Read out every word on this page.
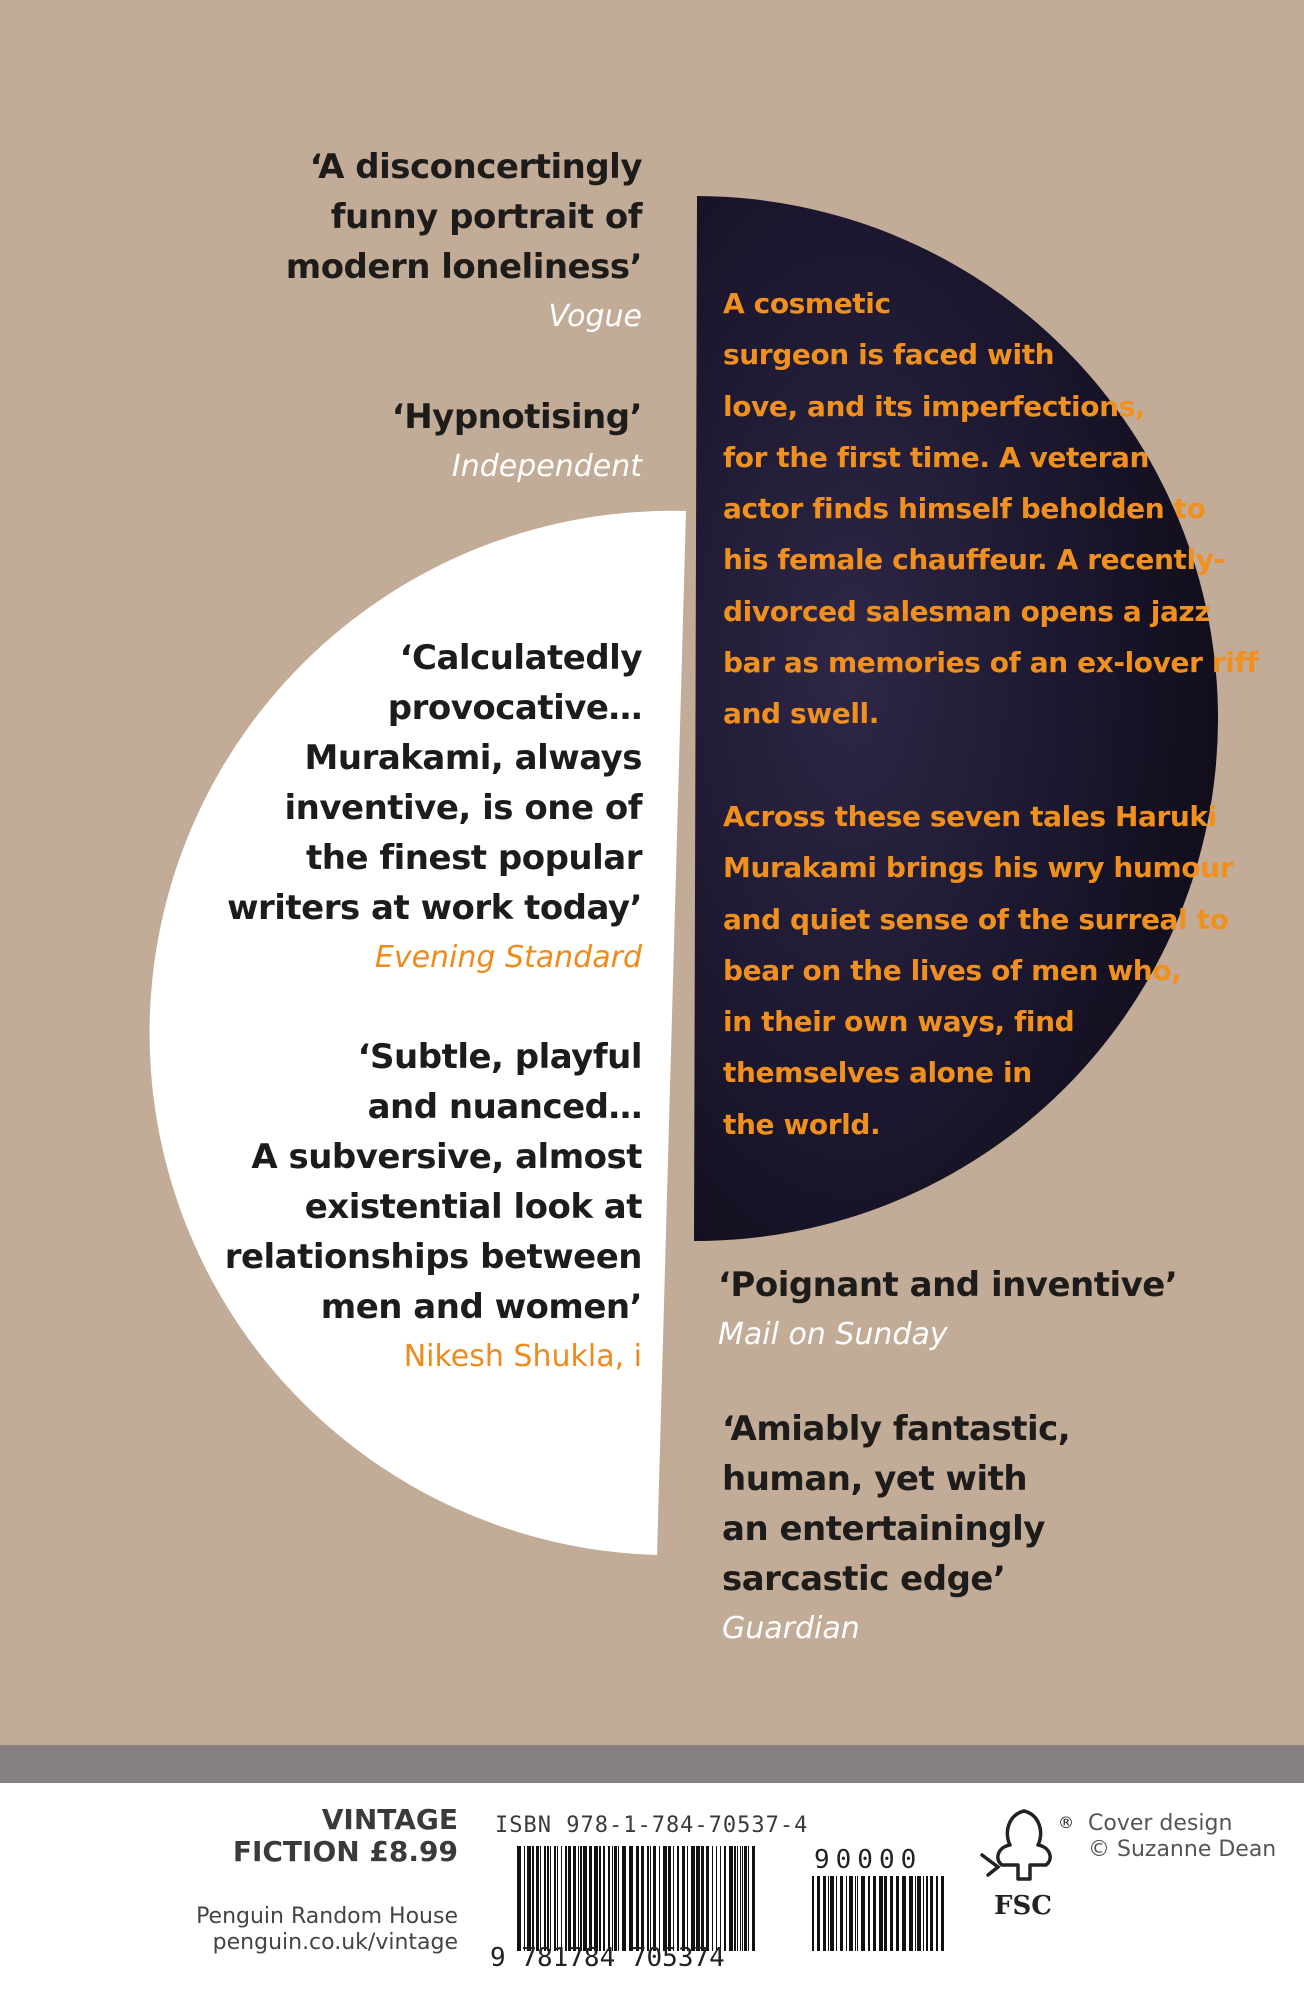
‘A disconcertingly
funny portrait of
modern loneliness’
Vogue
‘Hypnotising’
Independent
‘Calculatedly
provocative…
Murakami, always
inventive, is one of
the finest popular
writers at work today’
Evening Standard
‘Subtle, playful
and nuanced…
A subversive, almost
existential look at
relationships between
men and women’
Nikesh Shukla, i
A cosmetic
surgeon is faced with
love, and its imperfections,
for the first time. A veteran
actor finds himself beholden to
his female chauffeur. A recently-
divorced salesman opens a jazz
bar as memories of an ex-lover riff
and swell.
Across these seven tales Haruki
Murakami brings his wry humour
and quiet sense of the surreal to
bear on the lives of men who,
in their own ways, find
themselves alone in
the world.
‘Poignant and inventive’
Mail on Sunday
‘Amiably fantastic,
human, yet with
an entertainingly
sarcastic edge’
Guardian
VINTAGE
FICTION £8.99
Penguin Random House
penguin.co.uk/vintage
ISBN 978-1-784-70537-4
9 781784 705374
90000
®
FSC
Cover design
© Suzanne Dean
